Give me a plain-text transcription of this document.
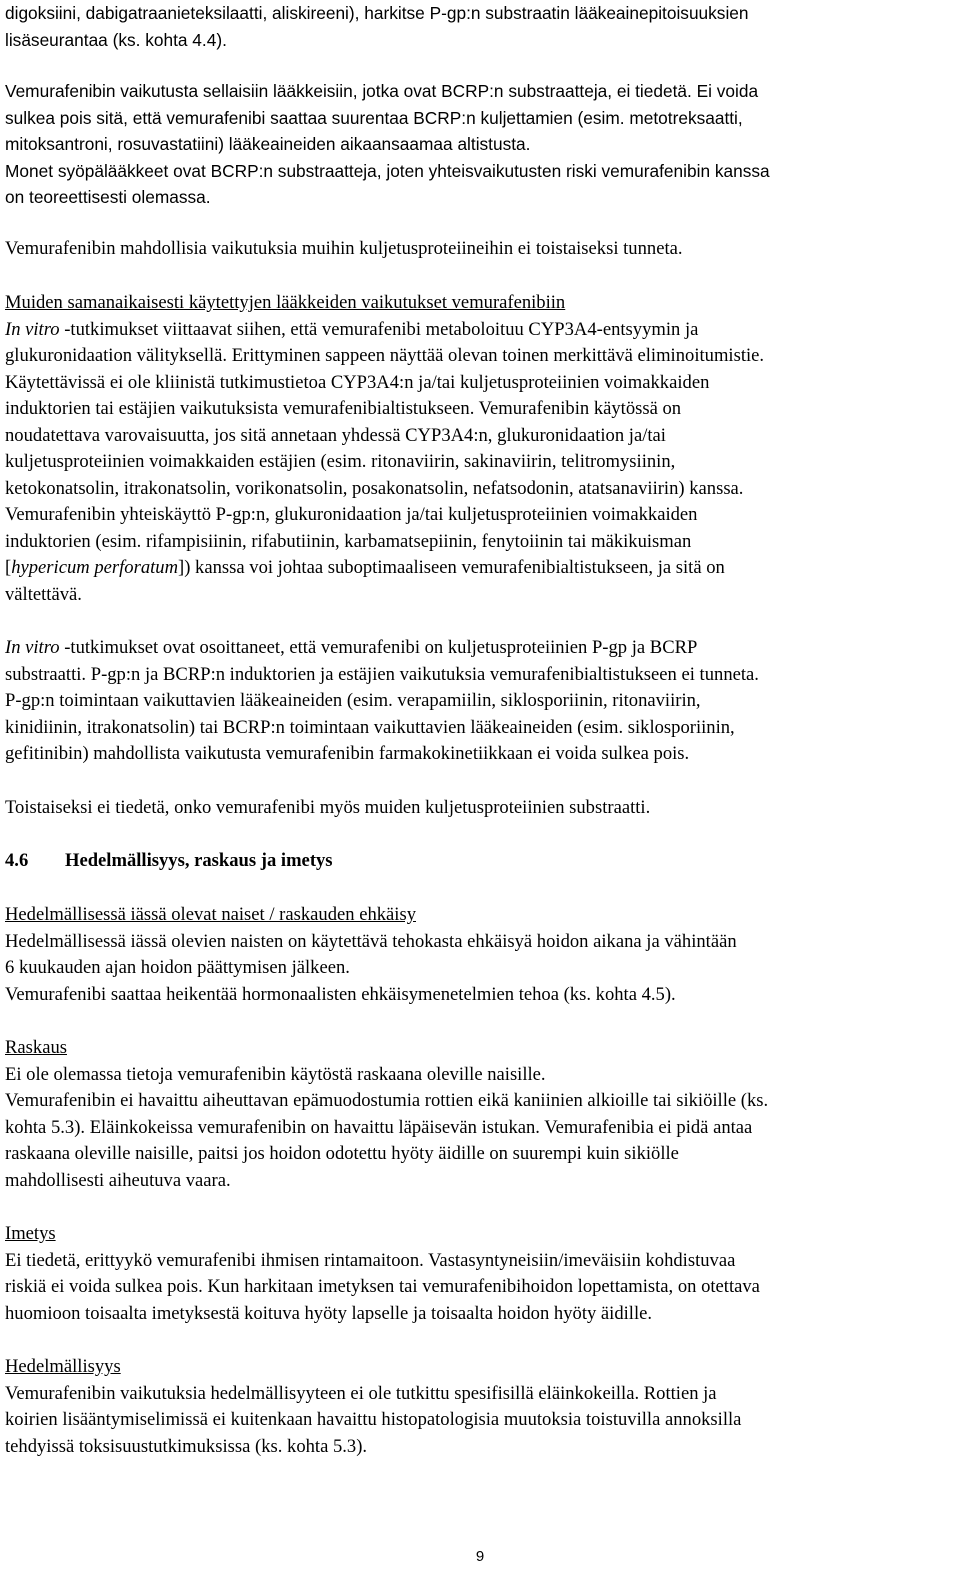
digoksiini, dabigatraanieteksilaatti, aliskireeni), harkitse P-gp:n substraatin lääkeainepitoisuuksien
lisäseurantaa (ks. kohta 4.4).

Vemurafenibin vaikutusta sellaisiin lääkkeisiin, jotka ovat BCRP:n substraatteja, ei tiedetä. Ei voida
sulkea pois sitä, että vemurafenibi saattaa suurentaa BCRP:n kuljettamien (esim. metotreksaatti,
mitoksantroni, rosuvastatiini) lääkeaineiden aikaansaamaa altistusta.

Monet syöpälääkkeet ovat BCRP:n substraatteja, joten yhteisvaikutusten riski vemurafenibin kanssa
on teoreettisesti olemassa.

Vemurafenibin mahdollisia vaikutuksia muihin kuljetusproteiineihin ei toistaiseksi tunneta.

Muiden samanaikaisesti käytettyjen lääkkeiden vaikutukset vemurafenibiin

In vitro -tutkimukset viittaavat siihen, että vemurafenibi metaboloituu CYP3A4-entsyymin ja

glukuronidaation välityksellä. Erittyminen sappeen näyttää olevan toinen merkittävä eliminoitumistie.
Käytettävissä ei ole kliinistä tutkimustietoa CYP3A4:n ja/tai kuljetusproteiinien voimakkaiden
induktorien tai estäjien vaikutuksista vemurafenibialtistukseen. Vemurafenibin käytössä on
noudatettava varovaisuutta, jos sitä annetaan yhdessä CYP3A4:n, glukuronidaation ja/tai
kuljetusproteiinien voimakkaiden estäjien (esim. ritonaviirin, sakinaviirin, telitromysiinin,
ketokonatsolin, itrakonatsolin, vorikonatsolin, posakonatsolin, nefatsodonin, atatsanaviirin) kanssa.
Vemurafenibin yhteiskäyttö P-gp:n, glukuronidaation ja/tai kuljetusproteiinien voimakkaiden
induktorien (esim. rifampisiinin, rifabutiinin, karbamatsepiinin, fenytoiinin tai mäkikuisman

[hypericum perforatum]) kanssa voi johtaa suboptimaaliseen vemurafenibialtistukseen, ja sitä on
vältettävä.

In vitro -tutkimukset ovat osoittaneet, että vemurafenibi on kuljetusproteiinien P-gp ja BCRP

substraatti. P-gp:n ja BCRP:n induktorien ja estäjien vaikutuksia vemurafenibialtistukseen ei tunneta.
P-gp:n toimintaan vaikuttavien lääkeaineiden (esim. verapamiilin, siklosporiinin, ritonaviirin,
kinidiinin, itrakonatsolin) tai BCRP:n toimintaan vaikuttavien lääkeaineiden (esim. siklosporiinin,
gefitinibin) mahdollista vaikutusta vemurafenibin farmakokinetiikkaan ei voida sulkea pois.

Toistaiseksi ei tiedetä, onko vemurafenibi myös muiden kuljetusproteiinien substraatti.

4.6 Hedelmällisyys, raskaus ja imetys

Hedelmällisessä iässä olevat naiset / raskauden ehkäisy

Hedelmällisessä iässä olevien naisten on käytettävä tehokasta ehkäisyä hoidon aikana ja vähintään
6 kuukauden ajan hoidon päättymisen jälkeen.
Vemurafenibi saattaa heikentää hormonaalisten ehkäisymenetelmien tehoa (ks. kohta 4.5).

Raskaus

Ei ole olemassa tietoja vemurafenibin käytöstä raskaana oleville naisille.
Vemurafenibin ei havaittu aiheuttavan epämuodostumia rottien eikä kaniinien alkioille tai sikiöille (ks.
kohta 5.3). Eläinkokeissa vemurafenibin on havaittu läpäisevän istukan. Vemurafenibia ei pidä antaa
raskaana oleville naisille, paitsi jos hoidon odotettu hyöty äidille on suurempi kuin sikiölle
mahdollisesti aiheutuva vaara.

Imetys

Ei tiedetä, erittyykö vemurafenibi ihmisen rintamaitoon. Vastasyntyneisiin/imeväisiin kohdistuvaa
riskiä ei voida sulkea pois. Kun harkitaan imetyksen tai vemurafenibihoidon lopettamista, on otettava
huomioon toisaalta imetyksestä koituva hyöty lapselle ja toisaalta hoidon hyöty äidille.

Hedelmällisyys

Vemurafenibin vaikutuksia hedelmällisyyteen ei ole tutkittu spesifisillä eläinkokeilla. Rottien ja
koirien lisääntymiselimissä ei kuitenkaan havaittu histopatologisia muutoksia toistuvilla annoksilla
tehdyissä toksisuustutkimuksissa (ks. kohta 5.3).

9
